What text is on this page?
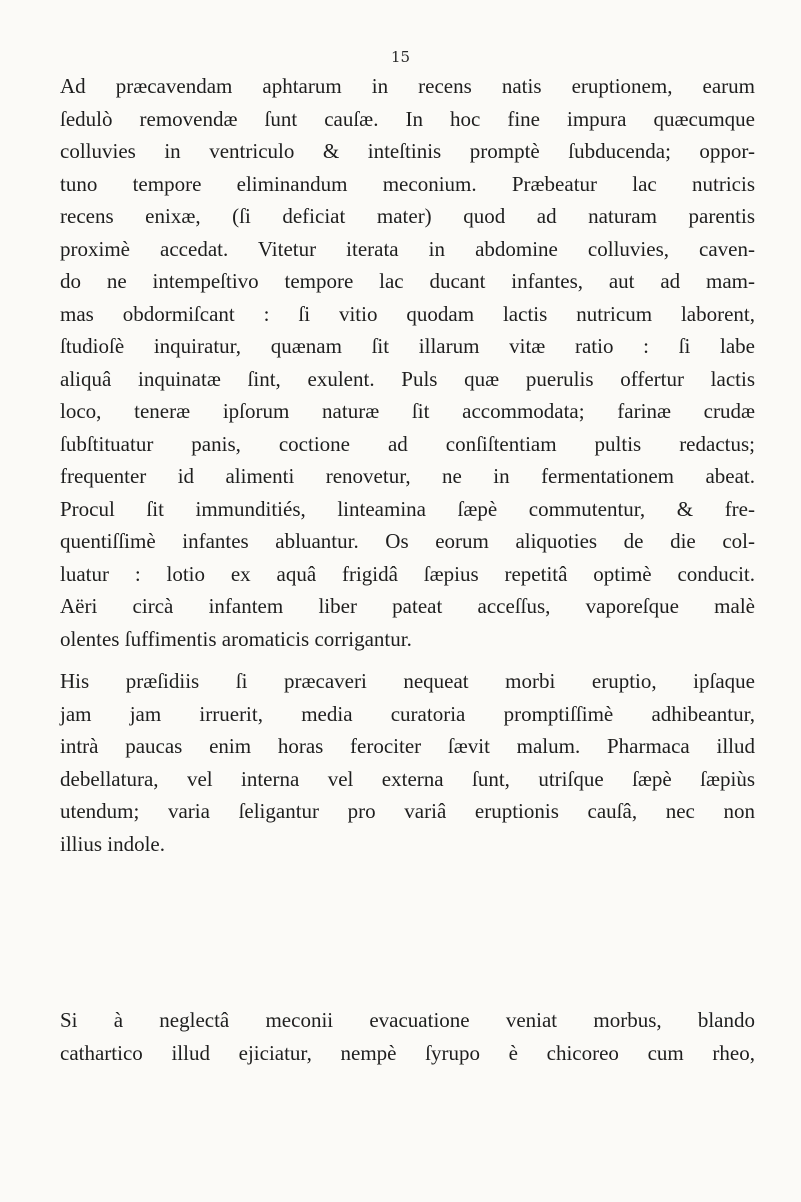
15

Ad præcavendam aphtarum in recens natis eruptionem, earum
ſedulò removendæ ſunt cauſæ. In hoc fine impura quæcumque
colluvies in ventriculo & inteſtinis promptè ſubducenda; oppor-
tuno tempore eliminandum meconium. Præbeatur lac nutricis
recens enixæ, (ſi deficiat mater) quod ad naturam parentis
proximè accedat. Vitetur iterata in abdomine colluvies, caven-
do ne intempeſtivo tempore lac ducant infantes, aut ad mam-
mas obdormiſcant : ſi vitio quodam lactis nutricum laborent,
ſtudioſè inquiratur, quænam ſit illarum vitæ ratio : ſi labe
aliquâ inquinatæ ſint, exulent. Puls quæ puerulis offertur lactis
loco, teneræ ipſorum naturæ ſit accommodata; farinæ crudæ
ſubſtituatur panis, coctione ad conſiſtentiam pultis redactus;
frequenter id alimenti renovetur, ne in fermentationem abeat.
Procul ſit immunditiés, linteamina ſæpè commutentur, & fre-
quentiſſimè infantes abluantur. Os eorum aliquoties de die col-
luatur : lotio ex aquâ frigidâ ſæpius repetitâ optimè conducit.
Aëri circà infantem liber pateat acceſſus, vaporeſque malè
olentes ſuffimentis aromaticis corrigantur.

His præſidiis ſi præcaveri nequeat morbi eruptio, ipſaque
jam jam irruerit, media curatoria promptiſſimè adhibeantur,
intrà paucas enim horas ferociter ſævit malum. Pharmaca illud
debellatura, vel interna vel externa ſunt, utriſque ſæpè ſæpiùs
utendum; varia ſeligantur pro variâ eruptionis cauſâ, nec non
illius indole.

Si à neglectâ meconii evacuatione veniat morbus, blando
cathartico illud ejiciatur, nempè ſyrupo è chicoreo cum rheo,
